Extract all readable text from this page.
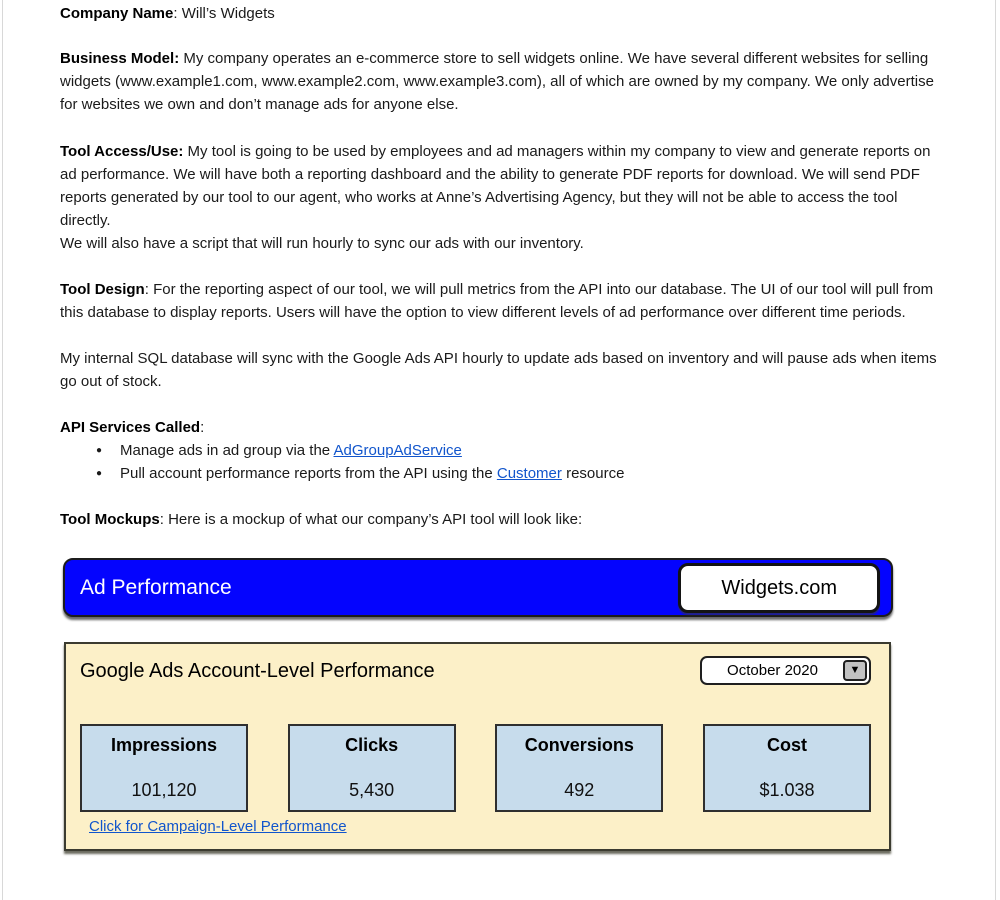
Company Name: Will’s Widgets
Business Model: My company operates an e-commerce store to sell widgets online. We have several different websites for selling widgets (www.example1.com, www.example2.com, www.example3.com), all of which are owned by my company. We only advertise for websites we own and don’t manage ads for anyone else.
Tool Access/Use: My tool is going to be used by employees and ad managers within my company to view and generate reports on ad performance. We will have both a reporting dashboard and the ability to generate PDF reports for download. We will send PDF reports generated by our tool to our agent, who works at Anne’s Advertising Agency, but they will not be able to access the tool directly.
We will also have a script that will run hourly to sync our ads with our inventory.
Tool Design: For the reporting aspect of our tool, we will pull metrics from the API into our database. The UI of our tool will pull from this database to display reports. Users will have the option to view different levels of ad performance over different time periods.
My internal SQL database will sync with the Google Ads API hourly to update ads based on inventory and will pause ads when items go out of stock.
API Services Called:
●	Manage ads in ad group via the AdGroupAdService
●	Pull account performance reports from the API using the Customer resource
Tool Mockups: Here is a mockup of what our company’s API tool will look like:
Ad Performance	Widgets.com
Google Ads Account-Level Performance	October 2020	▼
Impressions
101,120
Clicks
5,430
Conversions
492
Cost
$1.038
Click for Campaign-Level Performance
